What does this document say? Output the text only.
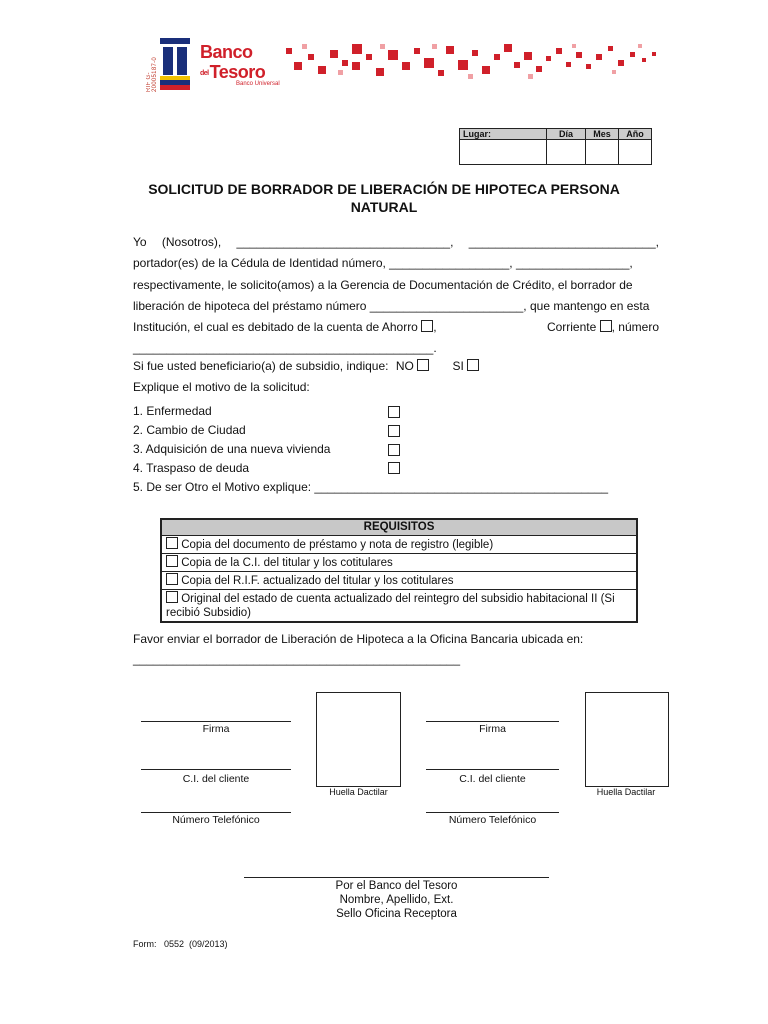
RIF G-20005187-0
Banco
delTesoro
Banco Universal
Lugar:	Día	Mes	Año

SOLICITUD DE BORRADOR DE LIBERACIÓN DE HIPOTECA PERSONA
NATURAL
Yo (Nosotros), ________________________________, ____________________________,
portador(es) de la Cédula de Identidad número, __________________, _________________,
respectivamente, le solicito(amos) a la Gerencia de Documentación de Crédito, el borrador de
liberación de hipoteca del préstamo número _______________________, que mantengo en esta
Institución, el cual es debitado de la cuenta de Ahorro ,	Corriente , número
_____________________________________________.
Si fue usted beneficiario(a) de subsidio, indique: NO	SI
Explique el motivo de la solicitud:
1. Enfermedad
2. Cambio de Ciudad
3. Adquisición de una nueva vivienda
4. Traspaso de deuda
5. De ser Otro el Motivo explique: ____________________________________________
REQUISITOS
Copia del documento de préstamo y nota de registro (legible)
Copia de la C.I. del titular y los cotitulares
Copia del R.I.F. actualizado del titular y los cotitulares
Original del estado de cuenta actualizado del reintegro del subsidio habitacional II (Si recibió Subsidio)
Favor enviar el borrador de Liberación de Hipoteca a la Oficina Bancaria ubicada en:
_________________________________________________
Firma
C.I. del cliente
Número Telefónico
Huella Dactilar
Firma
C.I. del cliente
Número Telefónico
Huella Dactilar
Por el Banco del Tesoro
Nombre, Apellido, Ext.
Sello Oficina Receptora
Form:   0552  (09/2013)
